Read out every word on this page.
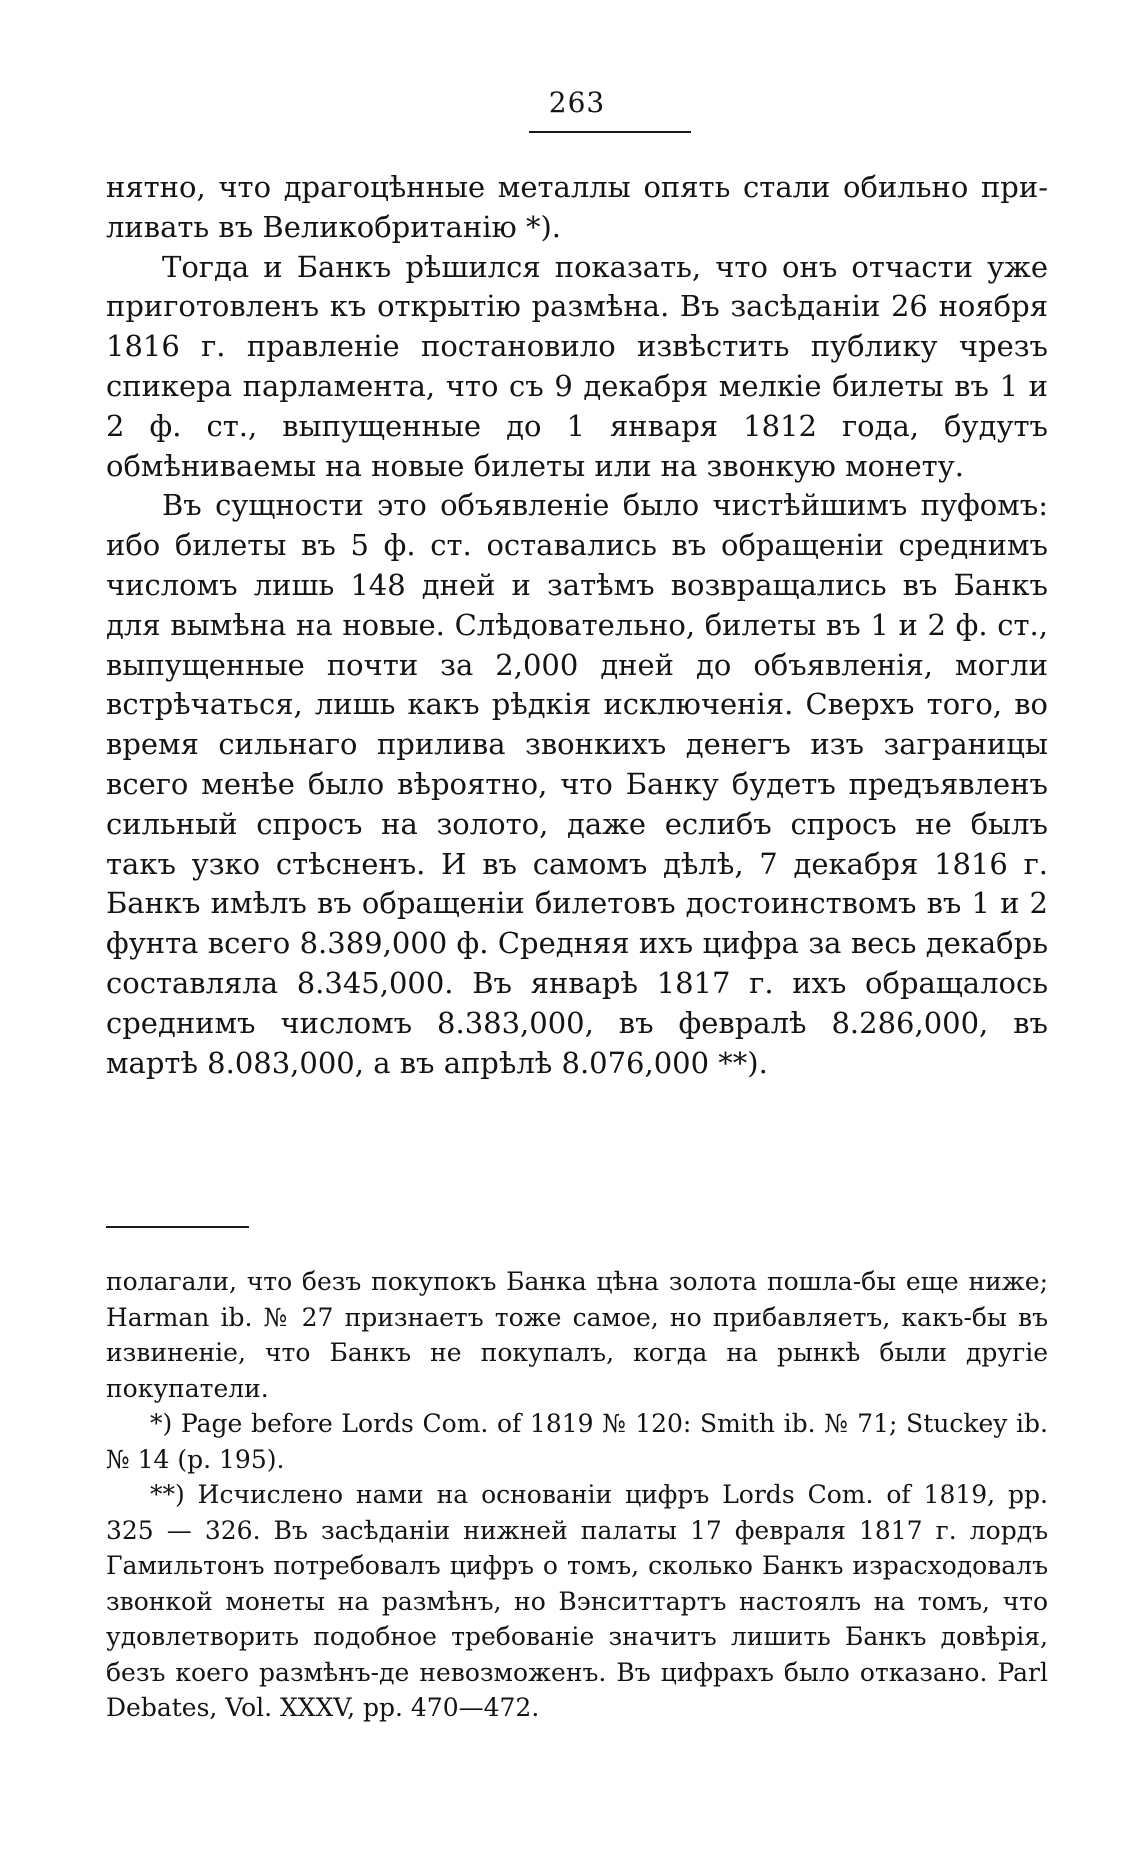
263

нятно, что драгоцѣнные металлы опять стали обильно приливать въ Великобританію *).

Тогда и Банкъ рѣшился показать, что онъ отчасти уже приготовленъ къ открытію размѣна. Въ засѣданіи 26 ноября 1816 г. правленіе постановило извѣстить публику чрезъ спикера парламента, что съ 9 декабря мелкіе билеты въ 1 и 2 ф. ст., выпущенные до 1 января 1812 года, будутъ обмѣниваемы на новые билеты или на звонкую монету.

Въ сущности это объявленіе было чистѣйшимъ пуфомъ: ибо билеты въ 5 ф. ст. оставались въ обращеніи среднимъ числомъ лишь 148 дней и затѣмъ возвращались въ Банкъ для вымѣна на новые. Слѣдовательно, билеты въ 1 и 2 ф. ст., выпущенные почти за 2,000 дней до объявленія, могли встрѣчаться, лишь какъ рѣдкія исключенія. Сверхъ того, во время сильнаго прилива звонкихъ денегъ изъ заграницы всего менѣе было вѣроятно, что Банку будетъ предъявленъ сильный спросъ на золото, даже еслибъ спросъ не былъ такъ узко стѣсненъ. И въ самомъ дѣлѣ, 7 декабря 1816 г. Банкъ имѣлъ въ обращеніи билетовъ достоинствомъ въ 1 и 2 фунта всего 8.389,000 ф. Средняя ихъ цифра за весь декабрь составляла 8.345,000. Въ январѣ 1817 г. ихъ обращалось среднимъ числомъ 8.383,000, въ февралѣ 8.286,000, въ мартѣ 8.083,000, а въ апрѣлѣ 8.076,000 **).

полагали, что безъ покупокъ Банка цѣна золота пошла-бы еще ниже; Harman ib. № 27 признаетъ тоже самое, но прибавляетъ, какъ-бы въ извиненіе, что Банкъ не покупалъ, когда на рынкѣ были другіе покупатели.

*) Page before Lords Com. of 1819 № 120: Smith ib. № 71; Stuckey ib. № 14 (p. 195).

**) Исчислено нами на основаніи цифръ Lords Com. of 1819, pp. 325 — 326. Въ засѣданіи нижней палаты 17 февраля 1817 г. лордъ Гамильтонъ потребовалъ цифръ о томъ, сколько Банкъ израсходовалъ звонкой монеты на размѣнъ, но Вэнситтартъ настоялъ на томъ, что удовлетворить подобное требованіе значитъ лишить Банкъ довѣрія, безъ коего размѣнъ-де невозможенъ. Въ цифрахъ было отказано. Parl Debates, Vol. XXXV, pp. 470—472.
